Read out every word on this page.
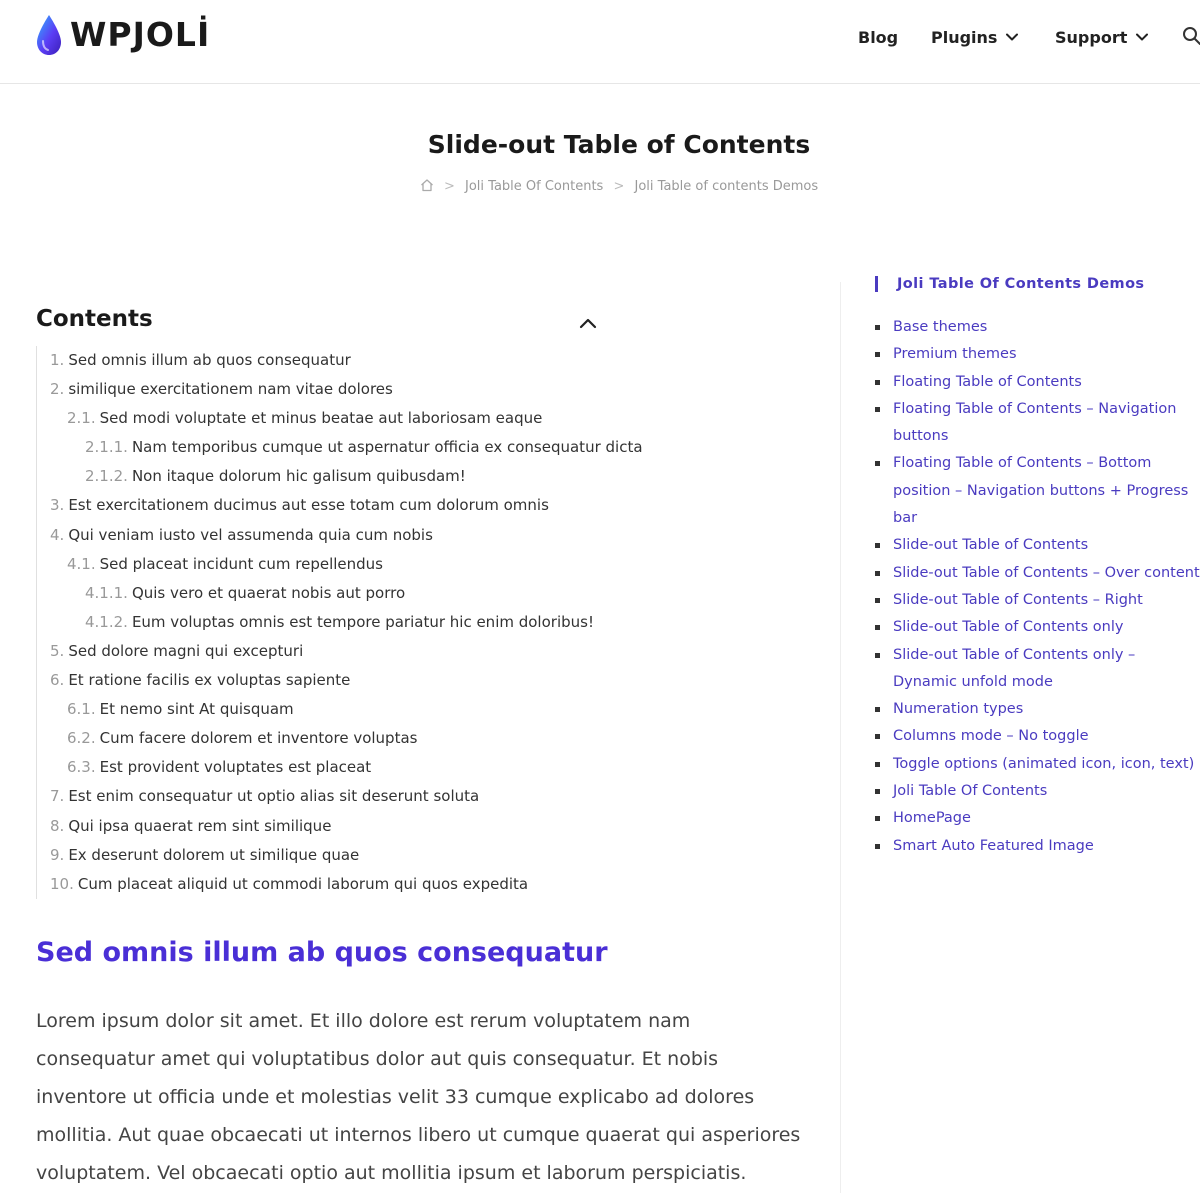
WPJOLİ	Blog Plugins	Support
Slide-out Table of Contents
> Joli Table Of Contents > Joli Table of contents Demos
Contents
1. Sed omnis illum ab quos consequatur
2. similique exercitationem nam vitae dolores
2.1. Sed modi voluptate et minus beatae aut laboriosam eaque
2.1.1. Nam temporibus cumque ut aspernatur officia ex consequatur dicta
2.1.2. Non itaque dolorum hic galisum quibusdam!
3. Est exercitationem ducimus aut esse totam cum dolorum omnis
4. Qui veniam iusto vel assumenda quia cum nobis
4.1. Sed placeat incidunt cum repellendus
4.1.1. Quis vero et quaerat nobis aut porro
4.1.2. Eum voluptas omnis est tempore pariatur hic enim doloribus!
5. Sed dolore magni qui excepturi
6. Et ratione facilis ex voluptas sapiente
6.1. Et nemo sint At quisquam
6.2. Cum facere dolorem et inventore voluptas
6.3. Est provident voluptates est placeat
7. Est enim consequatur ut optio alias sit deserunt soluta
8. Qui ipsa quaerat rem sint similique
9. Ex deserunt dolorem ut similique quae
10. Cum placeat aliquid ut commodi laborum qui quos expedita
Sed omnis illum ab quos consequatur

Lorem ipsum dolor sit amet. Et illo dolore est rerum voluptatem nam consequatur amet qui voluptatibus dolor aut quis consequatur. Et nobis inventore ut officia unde et molestias velit 33 cumque explicabo ad dolores mollitia. Aut quae obcaecati ut internos libero ut cumque quaerat qui asperiores voluptatem. Vel obcaecati optio aut mollitia ipsum et laborum perspiciatis.

Joli Table Of Contents Demos
Base themes
Premium themes
Floating Table of Contents
Floating Table of Contents – Navigation buttons
Floating Table of Contents – Bottom position – Navigation buttons + Progress bar
Slide-out Table of Contents
Slide-out Table of Contents – Over content
Slide-out Table of Contents – Right
Slide-out Table of Contents only
Slide-out Table of Contents only – Dynamic unfold mode
Numeration types
Columns mode – No toggle
Toggle options (animated icon, icon, text)
Joli Table Of Contents
HomePage
Smart Auto Featured Image
